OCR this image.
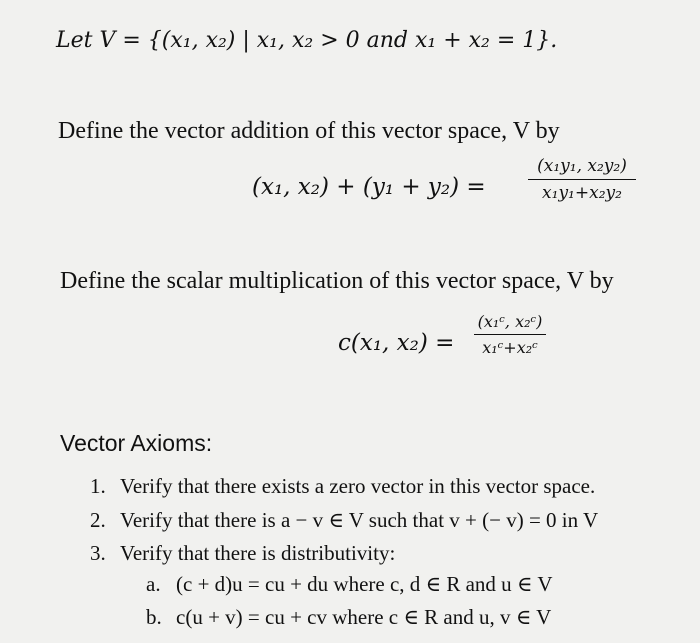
Let V = {(x₁, x₂) | x₁, x₂ > 0 and x₁ + x₂ = 1}.
Define the vector addition of this vector space, V by
(x₁, x₂) + (y₁ + y₂) =
(x₁y₁, x₂y₂)
x₁y₁+x₂y₂
Define the scalar multiplication of this vector space, V by
c(x₁, x₂) =
(x₁ᶜ, x₂ᶜ)
x₁ᶜ+x₂ᶜ
Vector Axioms:
1. Verify that there exists a zero vector in this vector space.
2. Verify that there is a − v ∈ V such that v + (− v) = 0 in V
3. Verify that there is distributivity:
a. (c + d)u = cu + du where c, d ∈ R and u ∈ V
b. c(u + v) = cu + cv where c ∈ R and u, v ∈ V
